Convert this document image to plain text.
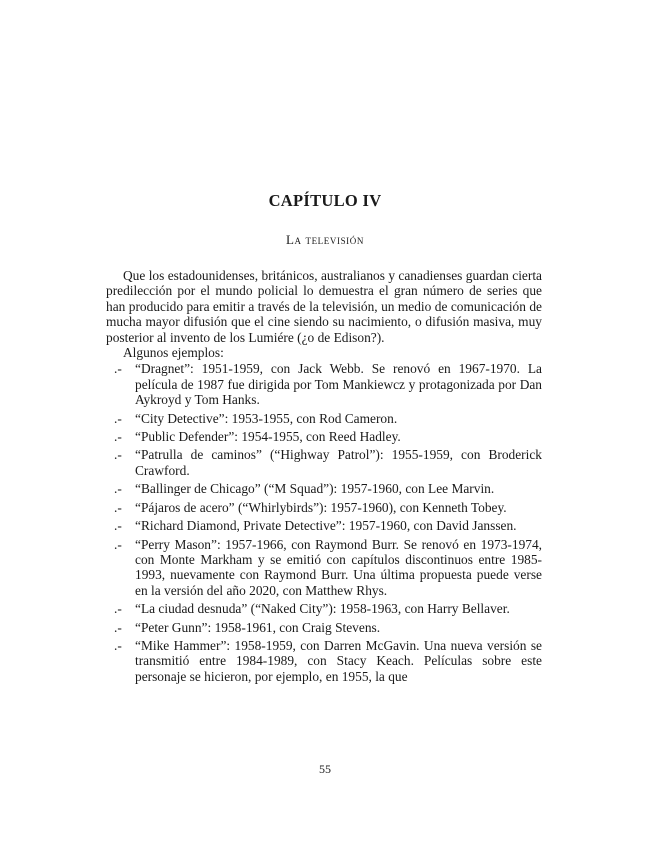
CAPÍTULO IV
La televisión

Que los estadounidenses, británicos, australianos y canadienses guardan cierta predilección por el mundo policial lo demuestra el gran número de series que han producido para emitir a través de la televisión, un medio de comunicación de mucha mayor difusión que el cine siendo su nacimiento, o difusión masiva, muy posterior al invento de los Lumiére (¿o de Edison?).

Algunos ejemplos:

.- “Dragnet”: 1951-1959, con Jack Webb. Se renovó en 1967-1970. La película de 1987 fue dirigida por Tom Mankiewcz y protagonizada por Dan Aykroyd y Tom Hanks.
.- “City Detective”: 1953-1955, con Rod Cameron.
.- “Public Defender”: 1954-1955, con Reed Hadley.
.- “Patrulla de caminos” (“Highway Patrol”): 1955-1959, con Broderick Crawford.
.- “Ballinger de Chicago” (“M Squad”): 1957-1960, con Lee Marvin.
.- “Pájaros de acero” (“Whirlybirds”): 1957-1960), con Kenneth Tobey.
.- “Richard Diamond, Private Detective”: 1957-1960, con David Janssen.
.- “Perry Mason”: 1957-1966, con Raymond Burr. Se renovó en 1973-1974, con Monte Markham y se emitió con capítulos discontinuos entre 1985-1993, nuevamente con Raymond Burr. Una última propuesta puede verse en la versión del año 2020, con Matthew Rhys.
.- “La ciudad desnuda” (“Naked City”): 1958-1963, con Harry Bellaver.
.- “Peter Gunn”: 1958-1961, con Craig Stevens.
.- “Mike Hammer”: 1958-1959, con Darren McGavin. Una nueva versión se transmitió entre 1984-1989, con Stacy Keach. Películas sobre este personaje se hicieron, por ejemplo, en 1955, la que
55
